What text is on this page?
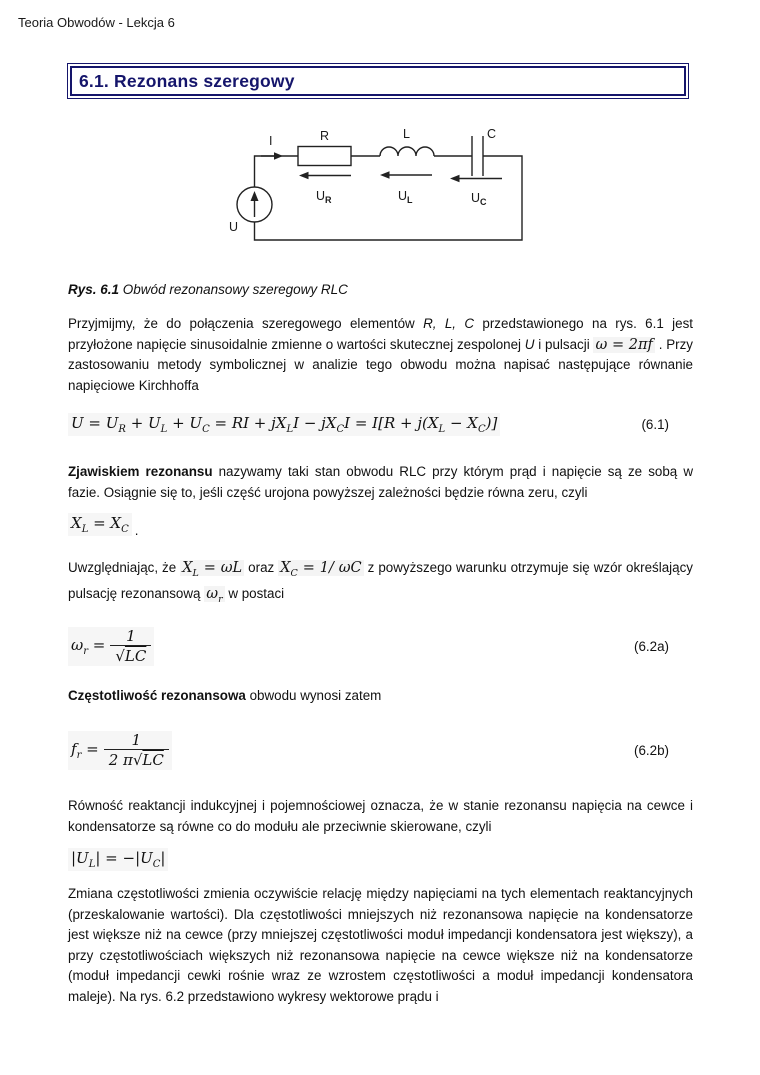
Teoria Obwodów - Lekcja 6
6.1. Rezonans szeregowy
I	R	L	C
U
$U_R$	$U_L$	$U_C$
Rys. 6.1 Obwód rezonansowy szeregowy RLC
Przyjmijmy, że do połączenia szeregowego elementów R, L, C przedstawionego na rys. 6.1 jest przyłożone napięcie sinusoidalnie zmienne o wartości skutecznej zespolonej U i pulsacji ω = 2πf . Przy zastosowaniu metody symbolicznej w analizie tego obwodu można napisać następujące równanie napięciowe Kirchhoffa
$U = U_R + U_L + U_C$ = RI + $jX_LI - jX_CI = I[R + j(X_L - X_C)]$	(6.1)
Zjawiskiem rezonansu nazywamy taki stan obwodu RLC przy którym prąd i napięcie są ze sobą w fazie. Osiągnie się to, jeśli część urojona powyższej zależności będzie równa zeru, czyli
$X_L = X_C$ .
Uwzględniając, że $X_L = \omega L$ oraz $X_C = 1/$ ωC z powyższego warunku otrzymuje się wzór określający pulsację rezonansową $\omega_r$ w postaci
$\omega_r = \frac{1}{√LC}$	(6.2a)
Częstotliwość rezonansowa obwodu wynosi zatem
$f_r = \frac{1}{2 \pi√LC}$	(6.2b)
Równość reaktancji indukcyjnej i pojemnościowej oznacza, że w stanie rezonansu napięcia na cewce i kondensatorze są równe co do modułu ale przeciwnie skierowane, czyli
$|U_L| = -|U_C|$
Zmiana częstotliwości zmienia oczywiście relację między napięciami na tych elementach reaktancyjnych (przeskalowanie wartości). Dla częstotliwości mniejszych niż rezonansowa napięcie na kondensatorze jest większe niż na cewce (przy mniejszej częstotliwości moduł impedancji kondensatora jest większy), a przy częstotliwościach większych niż rezonansowa napięcie na cewce większe niż na kondensatorze (moduł impedancji cewki rośnie wraz ze wzrostem częstotliwości a moduł impedancji kondensatora maleje). Na rys. 6.2 przedstawiono wykresy wektorowe prądu i
